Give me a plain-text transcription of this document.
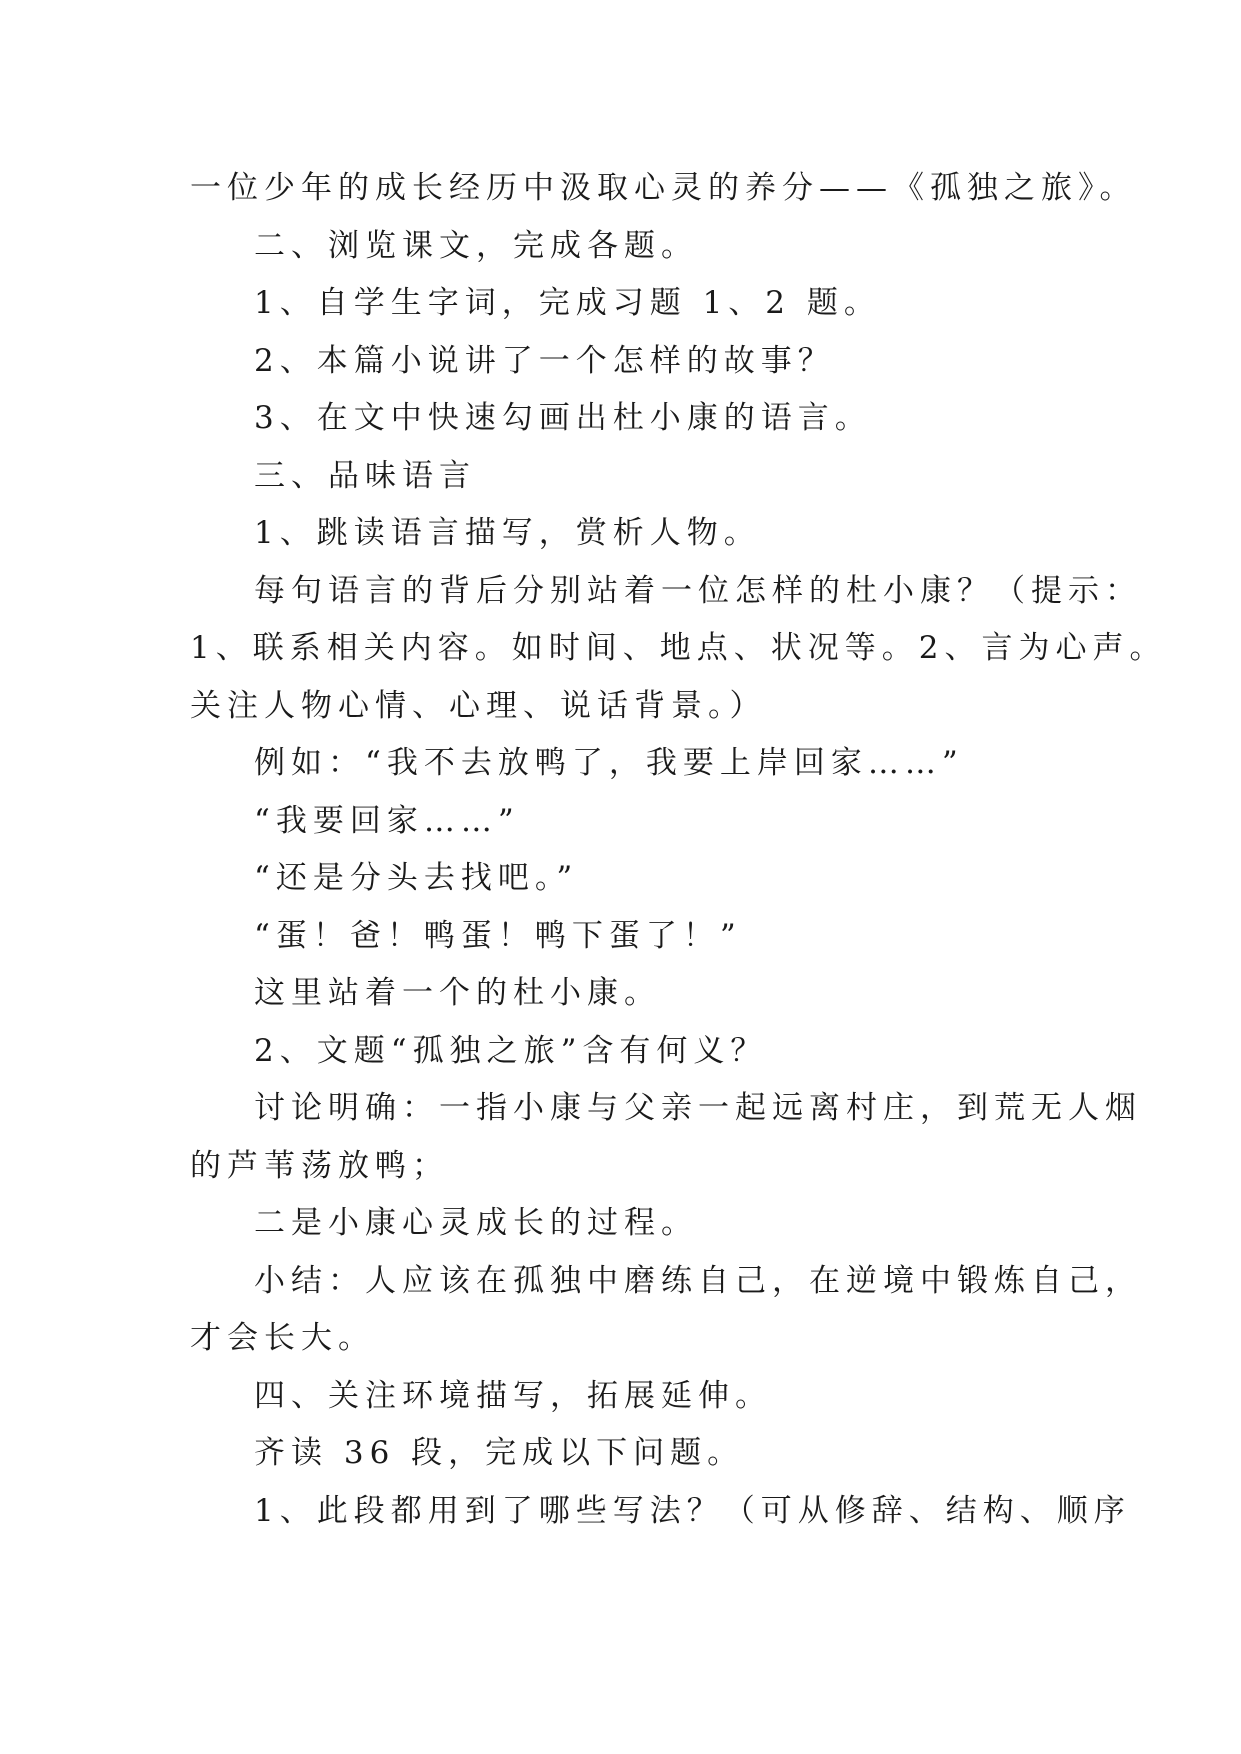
一位少年的成长经历中汲取心灵的养分——《孤独之旅》。

二、浏览课文，完成各题。

1、自学生字词，完成习题 1、2 题。

2、本篇小说讲了一个怎样的故事？

3、在文中快速勾画出杜小康的语言。

三、品味语言

1、跳读语言描写，赏析人物。

每句语言的背后分别站着一位怎样的杜小康？（提示：

1、联系相关内容。如时间、地点、状况等。2、言为心声。

关注人物心情、心理、说话背景。）

例如：“我不去放鸭了，我要上岸回家……”

“我要回家……”

“还是分头去找吧。”

“蛋！爸！鸭蛋！鸭下蛋了！”

这里站着一个的杜小康。

2、文题“孤独之旅”含有何义？

讨论明确：一指小康与父亲一起远离村庄，到荒无人烟

的芦苇荡放鸭；

二是小康心灵成长的过程。

小结：人应该在孤独中磨练自己，在逆境中锻炼自己，

才会长大。

四、关注环境描写，拓展延伸。

齐读 36 段，完成以下问题。

1、此段都用到了哪些写法？（可从修辞、结构、顺序
